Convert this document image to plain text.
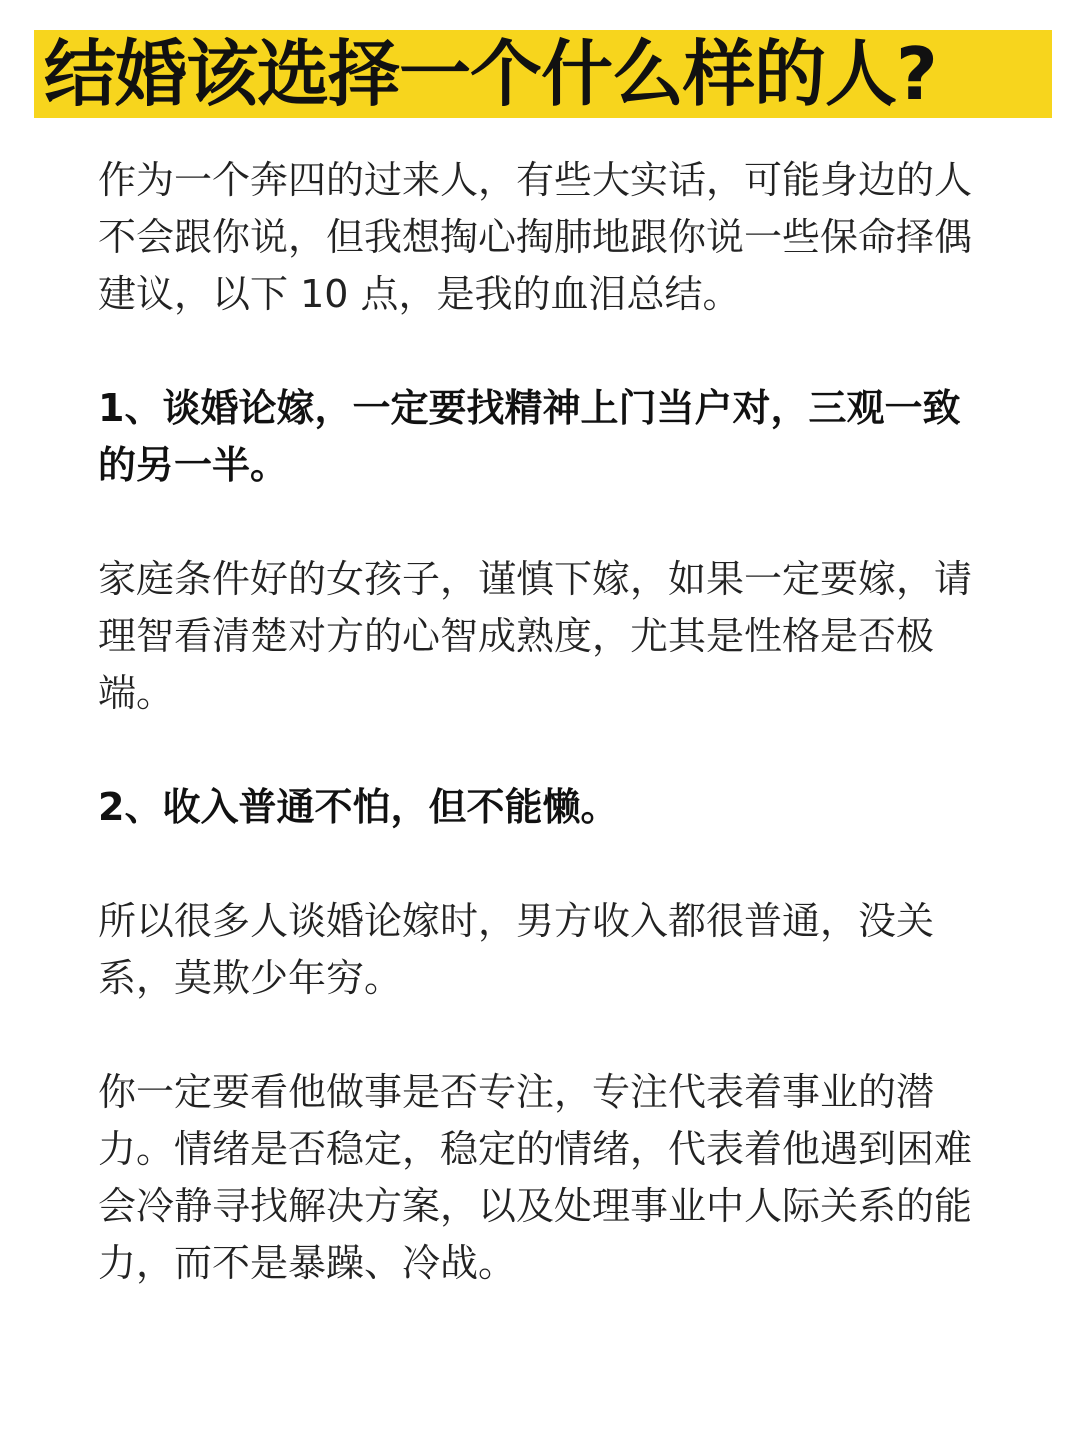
结婚该选择一个什么样的人?

作为一个奔四的过来人，有些大实话，可能身边的人不会跟你说，但我想掏心掏肺地跟你说一些保命择偶建议，以下 10 点，是我的血泪总结。

1、谈婚论嫁，一定要找精神上门当户对，三观一致的另一半。

家庭条件好的女孩子，谨慎下嫁，如果一定要嫁，请理智看清楚对方的心智成熟度，尤其是性格是否极端。

2、收入普通不怕，但不能懒。

所以很多人谈婚论嫁时，男方收入都很普通，没关系，莫欺少年穷。

你一定要看他做事是否专注，专注代表着事业的潜力。情绪是否稳定，稳定的情绪，代表着他遇到困难会冷静寻找解决方案，以及处理事业中人际关系的能力，而不是暴躁、冷战。
